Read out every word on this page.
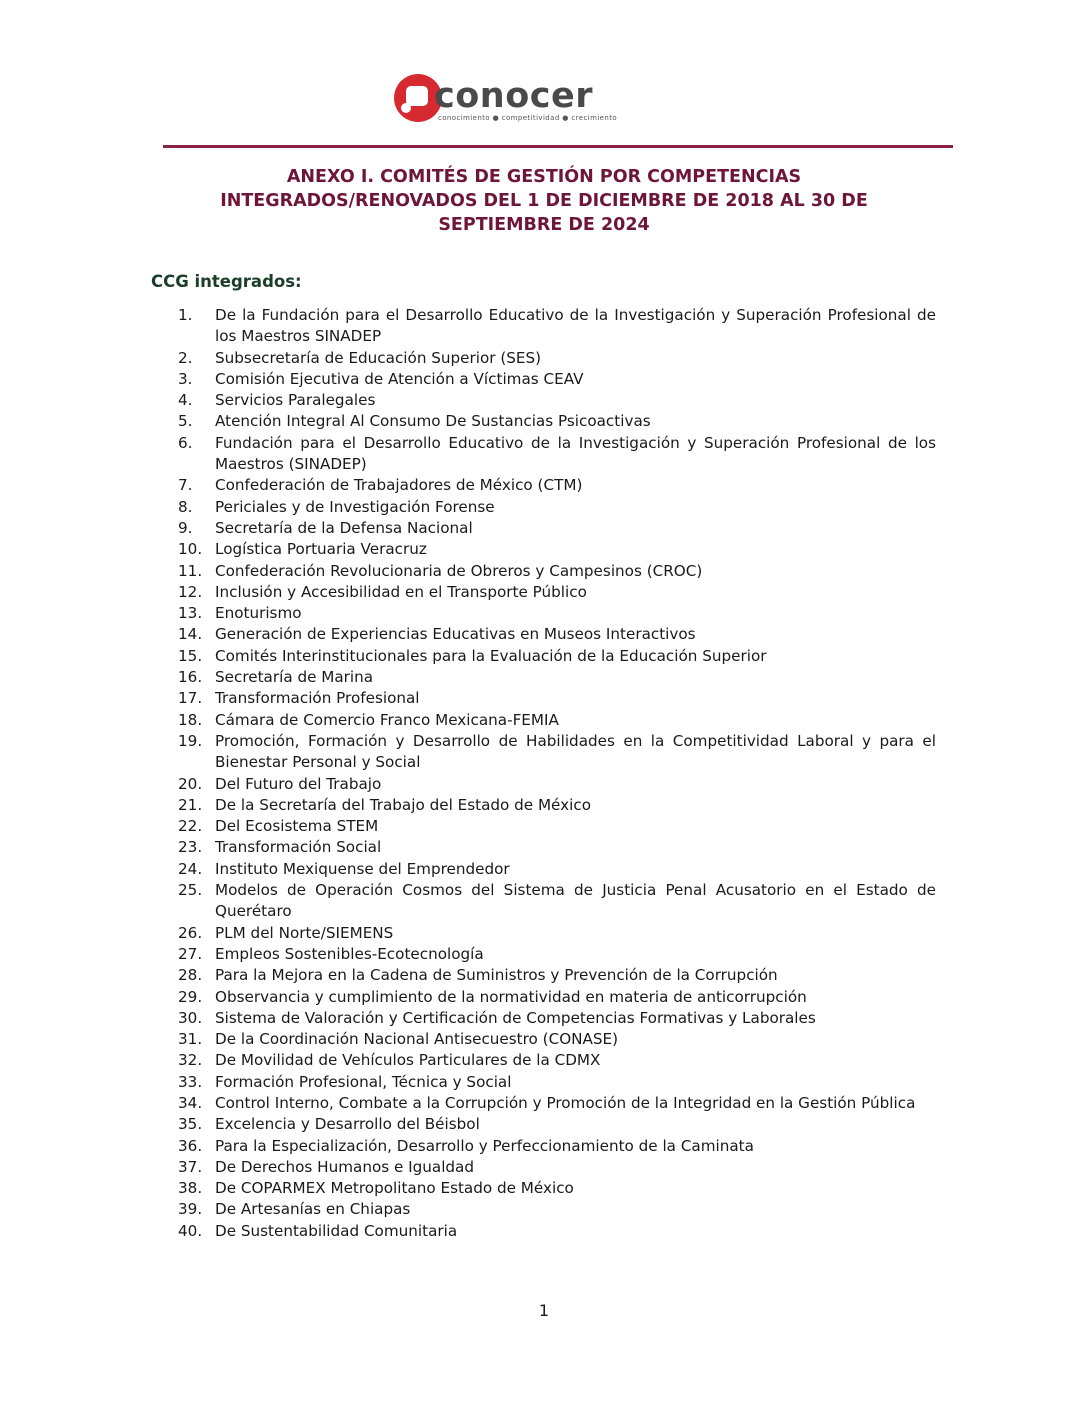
conocer
conocimiento ● competitividad ● crecimiento
ANEXO I. COMITÉS DE GESTIÓN POR COMPETENCIAS
INTEGRADOS/RENOVADOS DEL 1 DE DICIEMBRE DE 2018 AL 30 DE
SEPTIEMBRE DE 2024
CCG integrados:
1.	De la Fundación para el Desarrollo Educativo de la Investigación y Superación Profesional de los Maestros SINADEP
2.	Subsecretaría de Educación Superior (SES)
3.	Comisión Ejecutiva de Atención a Víctimas CEAV
4.	Servicios Paralegales
5.	Atención Integral Al Consumo De Sustancias Psicoactivas
6.	Fundación para el Desarrollo Educativo de la Investigación y Superación Profesional de los Maestros (SINADEP)
7.	Confederación de Trabajadores de México (CTM)
8.	Periciales y de Investigación Forense
9.	Secretaría de la Defensa Nacional
10. Logística Portuaria Veracruz
11. Confederación Revolucionaria de Obreros y Campesinos (CROC)
12. Inclusión y Accesibilidad en el Transporte Público
13. Enoturismo
14. Generación de Experiencias Educativas en Museos Interactivos
15. Comités Interinstitucionales para la Evaluación de la Educación Superior
16. Secretaría de Marina
17. Transformación Profesional
18. Cámara de Comercio Franco Mexicana-FEMIA
19. Promoción, Formación y Desarrollo de Habilidades en la Competitividad Laboral y para el Bienestar Personal y Social
20. Del Futuro del Trabajo
21. De la Secretaría del Trabajo del Estado de México
22. Del Ecosistema STEM
23. Transformación Social
24. Instituto Mexiquense del Emprendedor
25. Modelos de Operación Cosmos del Sistema de Justicia Penal Acusatorio en el Estado de Querétaro
26. PLM del Norte/SIEMENS
27. Empleos Sostenibles-Ecotecnología
28. Para la Mejora en la Cadena de Suministros y Prevención de la Corrupción
29. Observancia y cumplimiento de la normatividad en materia de anticorrupción
30. Sistema de Valoración y Certificación de Competencias Formativas y Laborales
31. De la Coordinación Nacional Antisecuestro (CONASE)
32. De Movilidad de Vehículos Particulares de la CDMX
33. Formación Profesional, Técnica y Social
34. Control Interno, Combate a la Corrupción y Promoción de la Integridad en la Gestión Pública
35. Excelencia y Desarrollo del Béisbol
36. Para la Especialización, Desarrollo y Perfeccionamiento de la Caminata
37. De Derechos Humanos e Igualdad
38. De COPARMEX Metropolitano Estado de México
39. De Artesanías en Chiapas
40. De Sustentabilidad Comunitaria
1
